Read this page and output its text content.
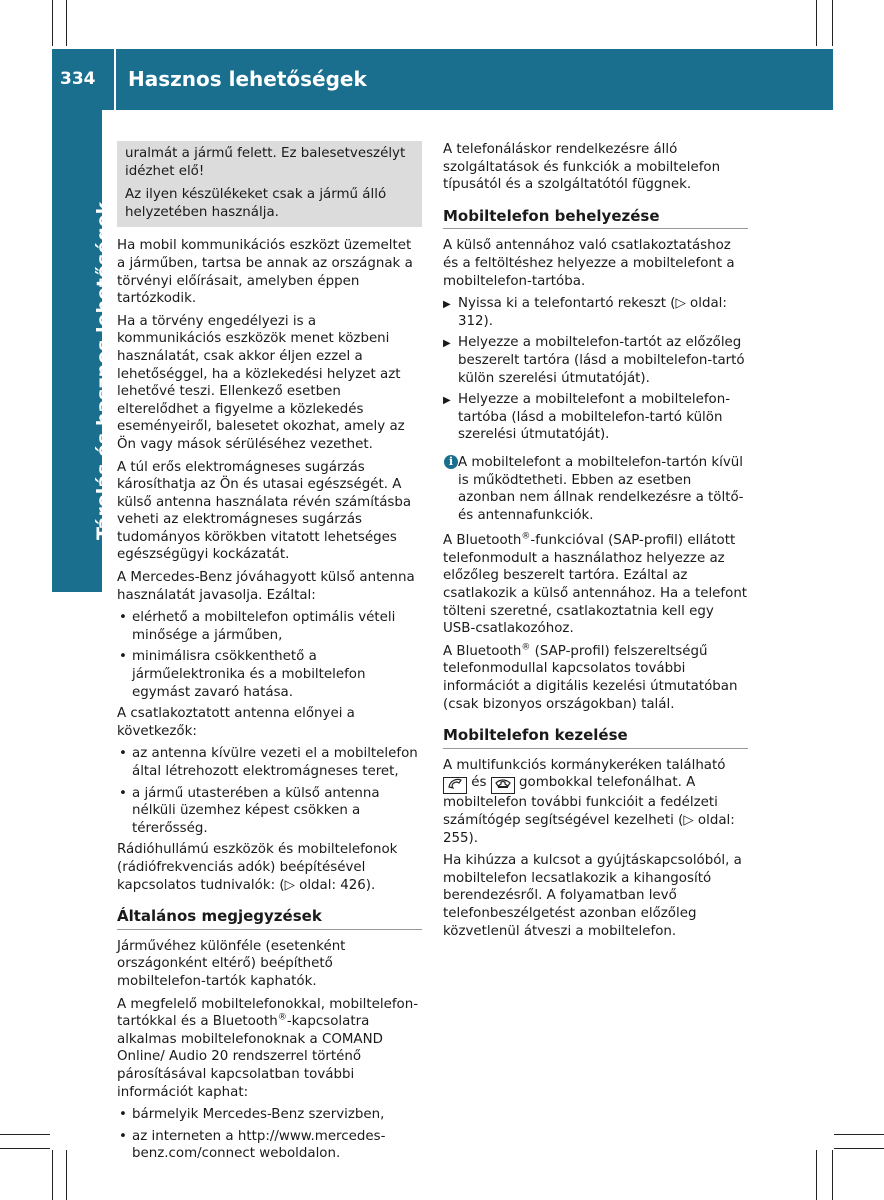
334 Hasznos lehetőségek
Tárolás és hasznos lehetőségek

uralmát a jármű felett. Ez balesetveszélyt idézhet elő!

Az ilyen készülékeket csak a jármű álló helyzetében használja.

Ha mobil kommunikációs eszközt üzemeltet a járműben, tartsa be annak az országnak a törvényi előírásait, amelyben éppen tartózkodik.

Ha a törvény engedélyezi is a kommunikációs eszközök menet közbeni használatát, csak akkor éljen ezzel a lehetőséggel, ha a közlekedési helyzet azt lehetővé teszi. Ellenkező esetben elterelődhet a figyelme a közlekedés eseményeiről, balesetet okozhat, amely az Ön vagy mások sérüléséhez vezethet.

A túl erős elektromágneses sugárzás károsíthatja az Ön és utasai egészségét. A külső antenna használata révén számításba veheti az elektromágneses sugárzás tudományos körökben vitatott lehetséges egészségügyi kockázatát.

A Mercedes-Benz jóváhagyott külső antenna használatát javasolja. Ezáltal:

• elérhető a mobiltelefon optimális vételi minősége a járműben,
• minimálisra csökkenthető a járműelektronika és a mobiltelefon egymást zavaró hatása.

A csatlakoztatott antenna előnyei a következők:

• az antenna kívülre vezeti el a mobiltelefon által létrehozott elektromágneses teret,
• a jármű utasterében a külső antenna nélküli üzemhez képest csökken a térerősség.

Rádióhullámú eszközök és mobiltelefonok (rádiófrekvenciás adók) beépítésével kapcsolatos tudnivalók: (▷ oldal: 426).

Általános megjegyzések

Járművéhez különféle (esetenként országonként eltérő) beépíthető mobiltelefon-tartók kaphatók.

A megfelelő mobiltelefonokkal, mobiltelefon-tartókkal és a Bluetooth®-kapcsolatra alkalmas mobiltelefonoknak a COMAND Online/ Audio 20 rendszerrel történő párosításával kapcsolatban további információt kaphat:

• bármelyik Mercedes-Benz szervizben,
• az interneten a http://www.mercedes-benz.com/connect weboldalon.

A telefonáláskor rendelkezésre álló szolgáltatások és funkciók a mobiltelefon típusától és a szolgáltatótól függnek.

Mobiltelefon behelyezése

A külső antennához való csatlakoztatáshoz és a feltöltéshez helyezze a mobiltelefont a mobiltelefon-tartóba.

▶ Nyissa ki a telefontartó rekeszt (▷ oldal: 312).
▶ Helyezze a mobiltelefon-tartót az előzőleg beszerelt tartóra (lásd a mobiltelefon-tartó külön szerelési útmutatóját).
▶ Helyezze a mobiltelefont a mobiltelefon-tartóba (lásd a mobiltelefon-tartó külön szerelési útmutatóját).
i A mobiltelefont a mobiltelefon-tartón kívül is működtetheti. Ebben az esetben azonban nem állnak rendelkezésre a töltő- és antennafunkciók.

A Bluetooth®-funkcióval (SAP-profil) ellátott telefonmodult a használathoz helyezze az előzőleg beszerelt tartóra. Ezáltal az csatlakozik a külső antennához. Ha a telefont tölteni szeretné, csatlakoztatnia kell egy USB-csatlakozóhoz.

A Bluetooth® (SAP-profil) felszereltségű telefonmodullal kapcsolatos további információt a digitális kezelési útmutatóban (csak bizonyos országokban) talál.

Mobiltelefon kezelése

A multifunkciós kormánykeréken található
és gombokkal telefonálhat. A mobiltelefon további funkcióit a fedélzeti számítógép segítségével kezelheti (▷ oldal: 255).

Ha kihúzza a kulcsot a gyújtáskapcsolóból, a mobiltelefon lecsatlakozik a kihangosító berendezésről. A folyamatban levő telefonbeszélgetést azonban előzőleg közvetlenül átveszi a mobiltelefon.
